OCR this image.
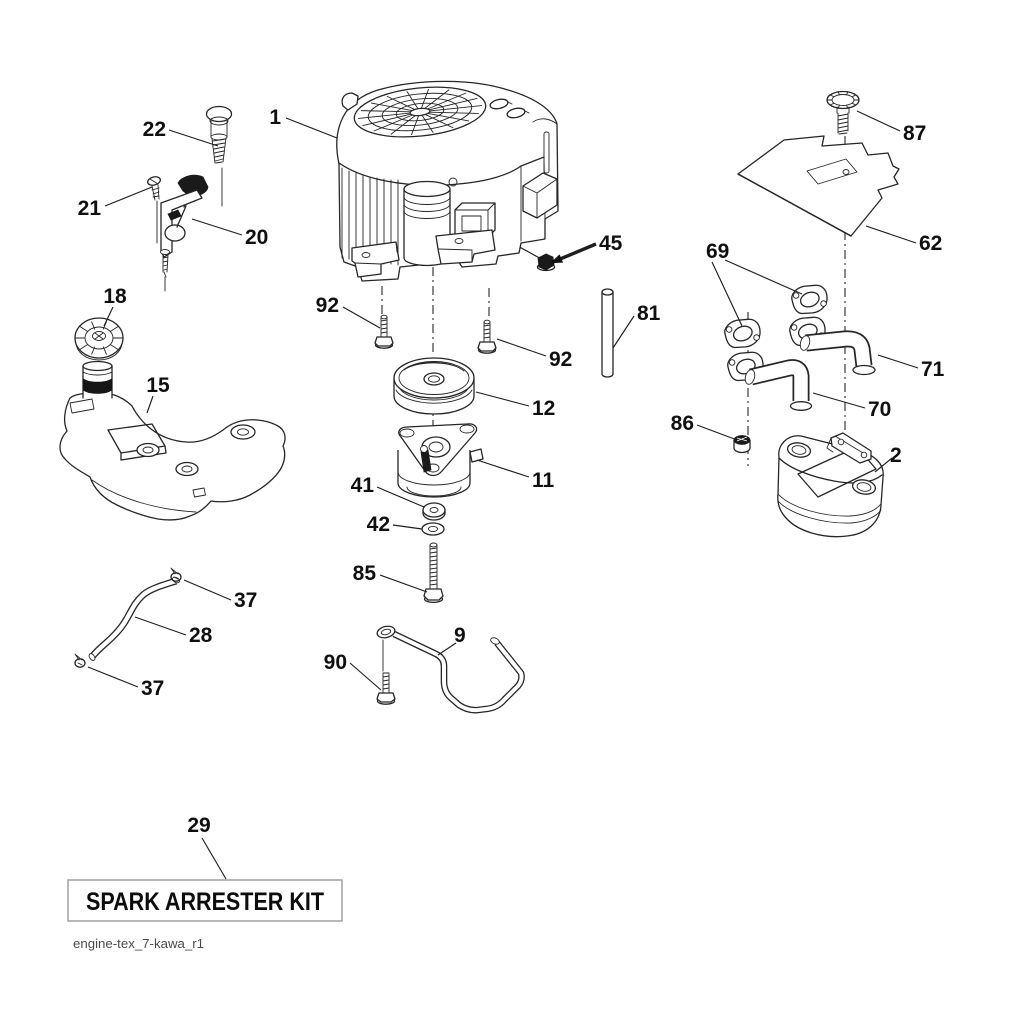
SPARK ARRESTER KIT
engine-tex_7-kawa_r1
1
22
21
20
18
15
92
92
45
81
12
11
41
42
85
37
28
37
90
9
87
62
69
71
70
86
2
29
